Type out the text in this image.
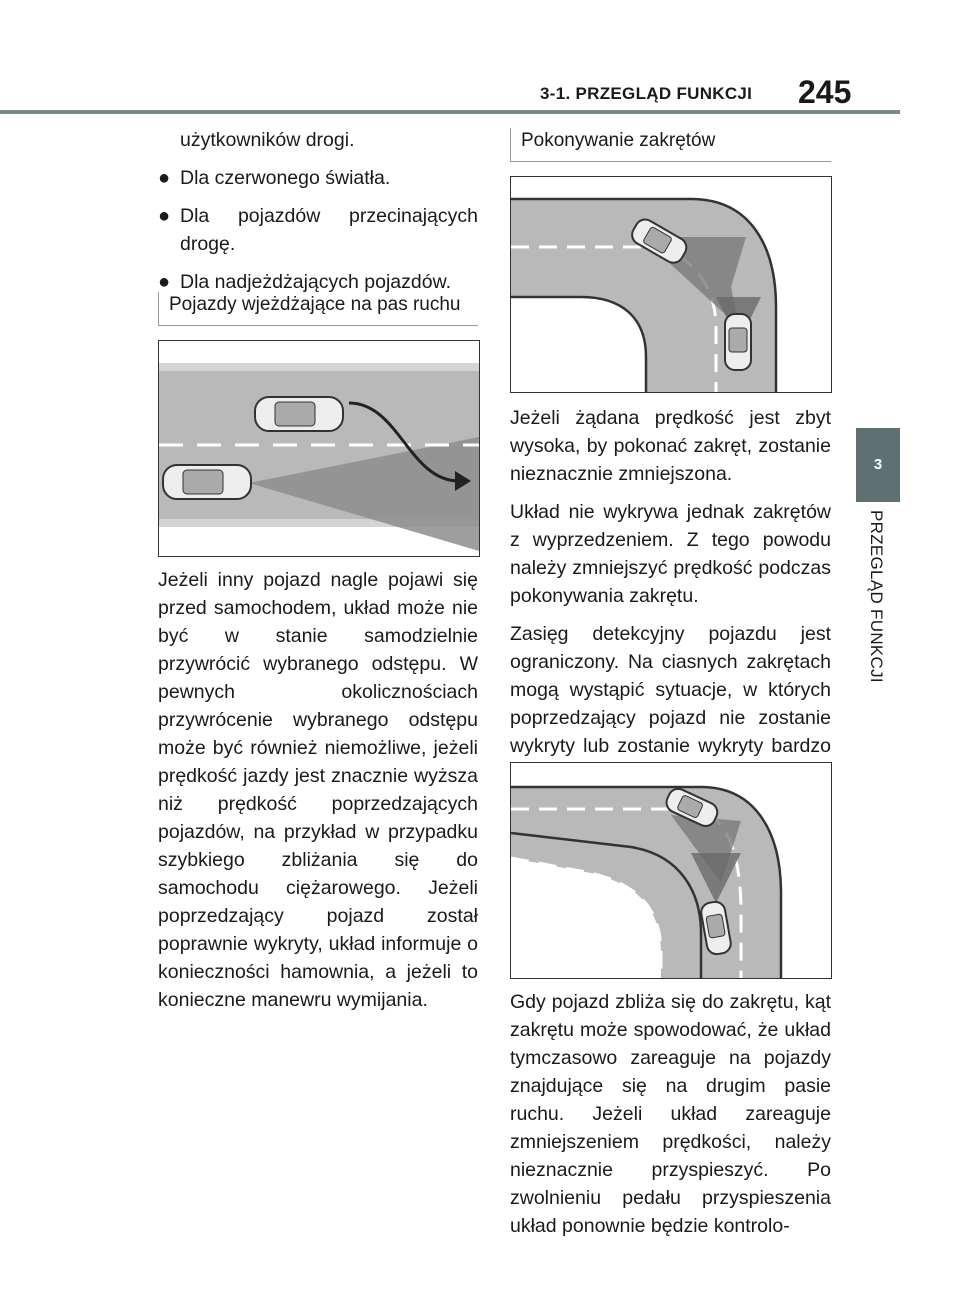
3-1. PRZEGLĄD FUNKCJI 245
3
PRZEGLĄD FUNKCJI

użytkowników drogi.

● Dla czerwonego światła.
● Dla pojazdów przecinających drogę.
● Dla nadjeżdżających pojazdów.
Pojazdy wjeżdżające na pas ruchu

Jeżeli inny pojazd nagle pojawi się przed samochodem, układ może nie być w stanie samodzielnie przywrócić wybranego odstępu. W pewnych okolicznościach przywrócenie wybranego odstępu może być również niemożliwe, jeżeli prędkość jazdy jest znacznie wyższa niż prędkość poprzedzających pojazdów, na przykład w przypadku szybkiego zbliżania się do samochodu ciężarowego. Jeżeli poprzedzający pojazd został poprawnie wykryty, układ informuje o konieczności hamownia, a jeżeli to konieczne manewru wymijania.

Pokonywanie zakrętów

Jeżeli żądana prędkość jest zbyt wysoka, by pokonać zakręt, zostanie nieznacznie zmniejszona.

Układ nie wykrywa jednak zakrętów z wyprzedzeniem. Z tego powodu należy zmniejszyć prędkość podczas pokonywania zakrętu.

Zasięg detekcyjny pojazdu jest ograniczony. Na ciasnych zakrętach mogą wystąpić sytuacje, w których poprzedzający pojazd nie zostanie wykryty lub zostanie wykryty bardzo

Gdy pojazd zbliża się do zakrętu, kąt zakrętu może spowodować, że układ tymczasowo zareaguje na pojazdy znajdujące się na drugim pasie ruchu. Jeżeli układ zareaguje zmniejszeniem prędkości, należy nieznacznie przyspieszyć. Po zwolnieniu pedału przyspieszenia układ ponownie będzie kontrolo-
